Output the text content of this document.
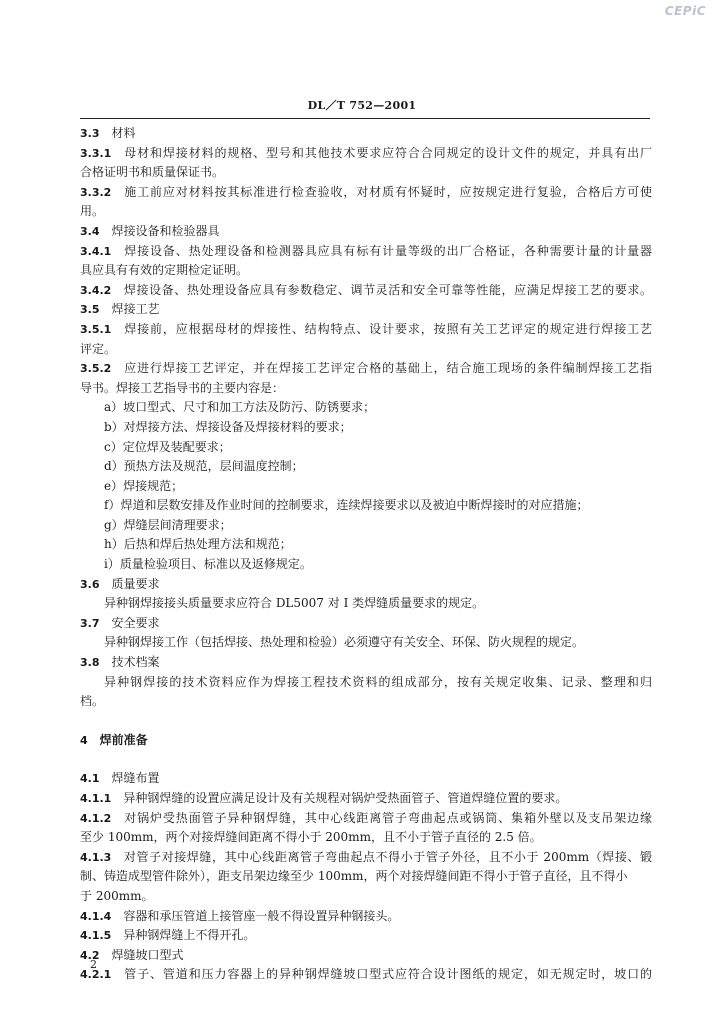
CEPiC
DL／T 752—2001
3.3 材料
3.3.1 母材和焊接材料的规格、型号和其他技术要求应符合合同规定的设计文件的规定，并具有出厂
合格证明书和质量保证书。
3.3.2 施工前应对材料按其标准进行检查验收，对材质有怀疑时，应按规定进行复验，合格后方可使
用。
3.4 焊接设备和检验器具
3.4.1 焊接设备、热处理设备和检测器具应具有标有计量等级的出厂合格证，各种需要计量的计量器
具应具有有效的定期检定证明。
3.4.2 焊接设备、热处理设备应具有参数稳定、调节灵活和安全可靠等性能，应满足焊接工艺的要求。
3.5 焊接工艺
3.5.1 焊接前，应根据母材的焊接性、结构特点、设计要求，按照有关工艺评定的规定进行焊接工艺
评定。
3.5.2 应进行焊接工艺评定，并在焊接工艺评定合格的基础上，结合施工现场的条件编制焊接工艺指
导书。焊接工艺指导书的主要内容是：
a）坡口型式、尺寸和加工方法及防污、防锈要求；
b）对焊接方法、焊接设备及焊接材料的要求；
c）定位焊及装配要求；
d）预热方法及规范，层间温度控制；
e）焊接规范；
f）焊道和层数安排及作业时间的控制要求，连续焊接要求以及被迫中断焊接时的对应措施；
g）焊缝层间清理要求；
h）后热和焊后热处理方法和规范；
i）质量检验项目、标准以及返修规定。
3.6 质量要求
异种钢焊接接头质量要求应符合 DL5007 对 I 类焊缝质量要求的规定。
3.7 安全要求
异种钢焊接工作（包括焊接、热处理和检验）必须遵守有关安全、环保、防火规程的规定。
3.8 技术档案
异种钢焊接的技术资料应作为焊接工程技术资料的组成部分，按有关规定收集、记录、整理和归
档。
4 焊前准备
4.1 焊缝布置
4.1.1 异种钢焊缝的设置应满足设计及有关规程对锅炉受热面管子、管道焊缝位置的要求。
4.1.2 对锅炉受热面管子异种钢焊缝，其中心线距离管子弯曲起点或锅筒、集箱外壁以及支吊架边缘
至少 100mm，两个对接焊缝间距离不得小于 200mm，且不小于管子直径的 2.5 倍。
4.1.3 对管子对接焊缝，其中心线距离管子弯曲起点不得小于管子外径，且不小于 200mm（焊接、锻
制、铸造成型管件除外），距支吊架边缘至少 100mm，两个对接焊缝间距不得小于管子直径，且不得小
于 200mm。
4.1.4 容器和承压管道上接管座一般不得设置异种钢接头。
4.1.5 异种钢焊缝上不得开孔。
4.2 焊缝坡口型式
4.2.1 管子、管道和压力容器上的异种钢焊缝坡口型式应符合设计图纸的规定，如无规定时，坡口的
2
